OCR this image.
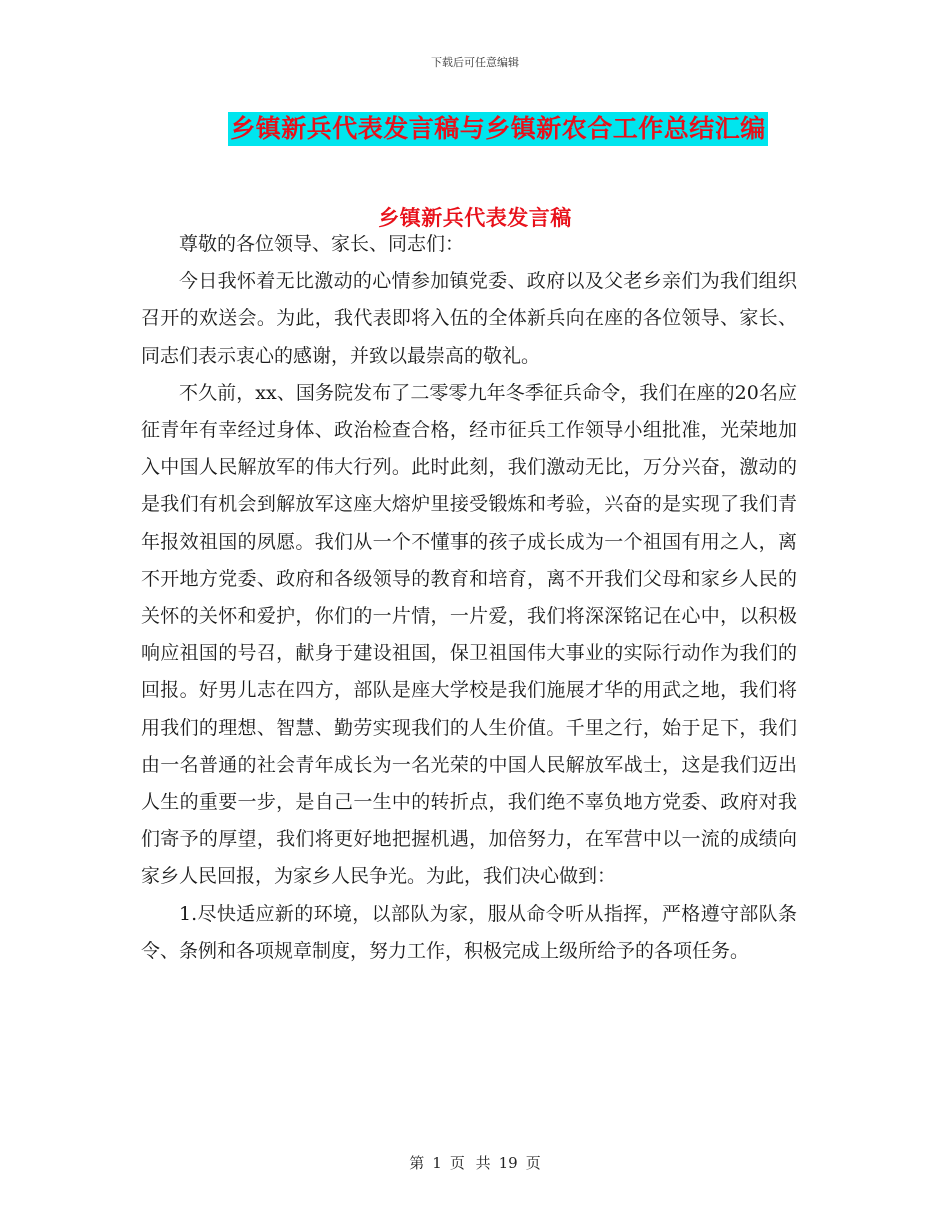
下载后可任意编辑
乡镇新兵代表发言稿与乡镇新农合工作总结汇编
乡镇新兵代表发言稿

尊敬的各位领导、家长、同志们：

今日我怀着无比激动的心情参加镇党委、政府以及父老乡亲们为我们组织召开的欢送会。为此，我代表即将入伍的全体新兵向在座的各位领导、家长、同志们表示衷心的感谢，并致以最崇高的敬礼。

不久前，xx、国务院发布了二零零九年冬季征兵命令，我们在座的20名应征青年有幸经过身体、政治检查合格，经市征兵工作领导小组批准，光荣地加入中国人民解放军的伟大行列。此时此刻，我们激动无比，万分兴奋，激动的是我们有机会到解放军这座大熔炉里接受锻炼和考验，兴奋的是实现了我们青年报效祖国的夙愿。我们从一个不懂事的孩子成长成为一个祖国有用之人，离不开地方党委、政府和各级领导的教育和培育，离不开我们父母和家乡人民的关怀的关怀和爱护，你们的一片情，一片爱，我们将深深铭记在心中，以积极响应祖国的号召，献身于建设祖国，保卫祖国伟大事业的实际行动作为我们的回报。好男儿志在四方，部队是座大学校是我们施展才华的用武之地，我们将用我们的理想、智慧、勤劳实现我们的人生价值。千里之行，始于足下，我们由一名普通的社会青年成长为一名光荣的中国人民解放军战士，这是我们迈出人生的重要一步，是自己一生中的转折点，我们绝不辜负地方党委、政府对我们寄予的厚望，我们将更好地把握机遇，加倍努力，在军营中以一流的成绩向家乡人民回报，为家乡人民争光。为此，我们决心做到：

1.尽快适应新的环境，以部队为家，服从命令听从指挥，严格遵守部队条令、条例和各项规章制度，努力工作，积极完成上级所给予的各项任务。

第 1 页 共 19 页
